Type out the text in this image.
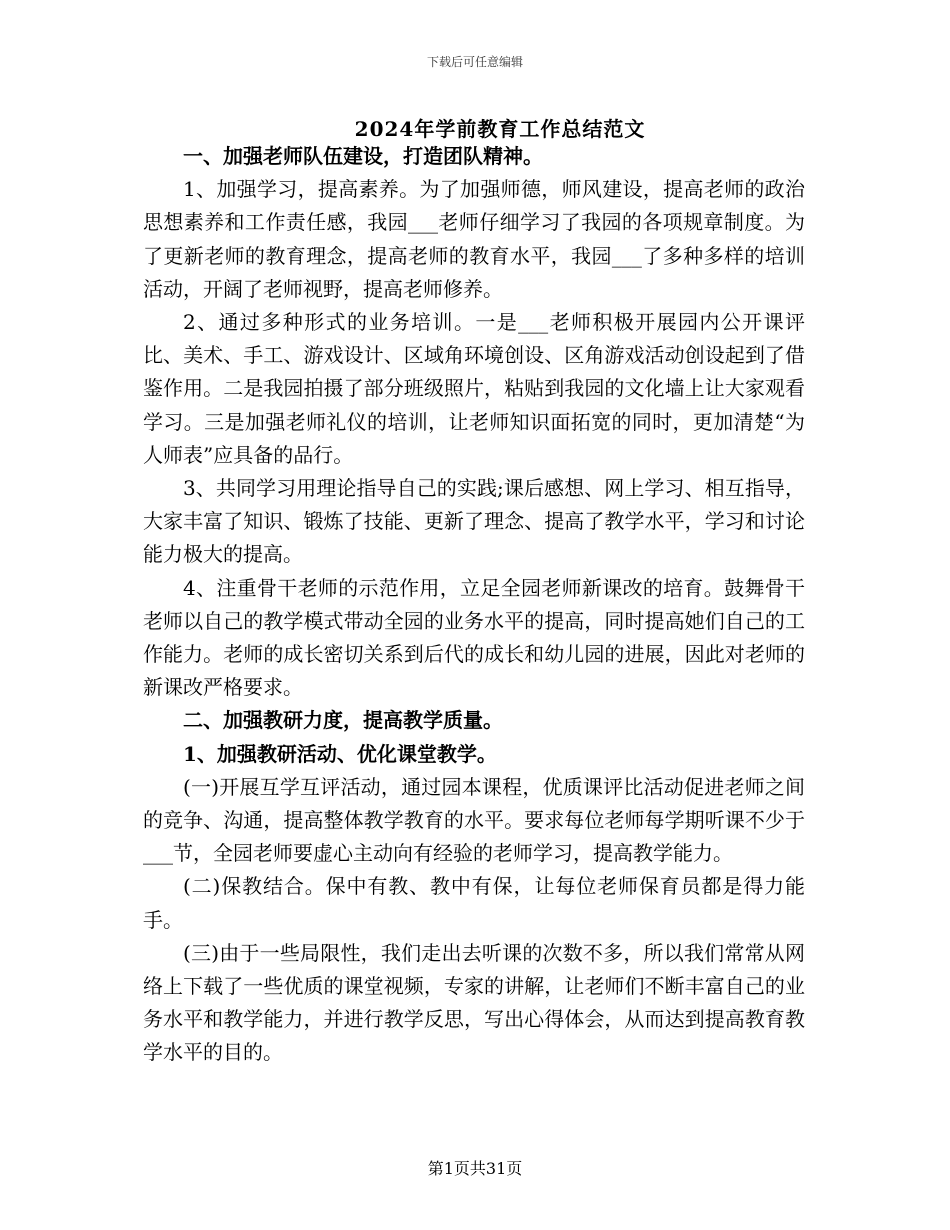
下载后可任意编辑
2024年学前教育工作总结范文

一、加强老师队伍建设，打造团队精神。

1、加强学习，提高素养。为了加强师德，师风建设，提高老师的政治思想素养和工作责任感，我园___老师仔细学习了我园的各项规章制度。为了更新老师的教育理念，提高老师的教育水平，我园___了多种多样的培训活动，开阔了老师视野，提高老师修养。

2、通过多种形式的业务培训。一是___老师积极开展园内公开课评比、美术、手工、游戏设计、区域角环境创设、区角游戏活动创设起到了借鉴作用。二是我园拍摄了部分班级照片，粘贴到我园的文化墙上让大家观看学习。三是加强老师礼仪的培训，让老师知识面拓宽的同时，更加清楚“为人师表”应具备的品行。

3、共同学习用理论指导自己的实践;课后感想、网上学习、相互指导，大家丰富了知识、锻炼了技能、更新了理念、提高了教学水平，学习和讨论能力极大的提高。

4、注重骨干老师的示范作用，立足全园老师新课改的培育。鼓舞骨干老师以自己的教学模式带动全园的业务水平的提高，同时提高她们自己的工作能力。老师的成长密切关系到后代的成长和幼儿园的进展，因此对老师的新课改严格要求。

二、加强教研力度，提高教学质量。

1、加强教研活动、优化课堂教学。

(一)开展互学互评活动，通过园本课程，优质课评比活动促进老师之间的竞争、沟通，提高整体教学教育的水平。要求每位老师每学期听课不少于___节，全园老师要虚心主动向有经验的老师学习，提高教学能力。

(二)保教结合。保中有教、教中有保，让每位老师保育员都是得力能手。

(三)由于一些局限性，我们走出去听课的次数不多，所以我们常常从网络上下载了一些优质的课堂视频，专家的讲解，让老师们不断丰富自己的业务水平和教学能力，并进行教学反思，写出心得体会，从而达到提高教育教学水平的目的。

第1页共31页
